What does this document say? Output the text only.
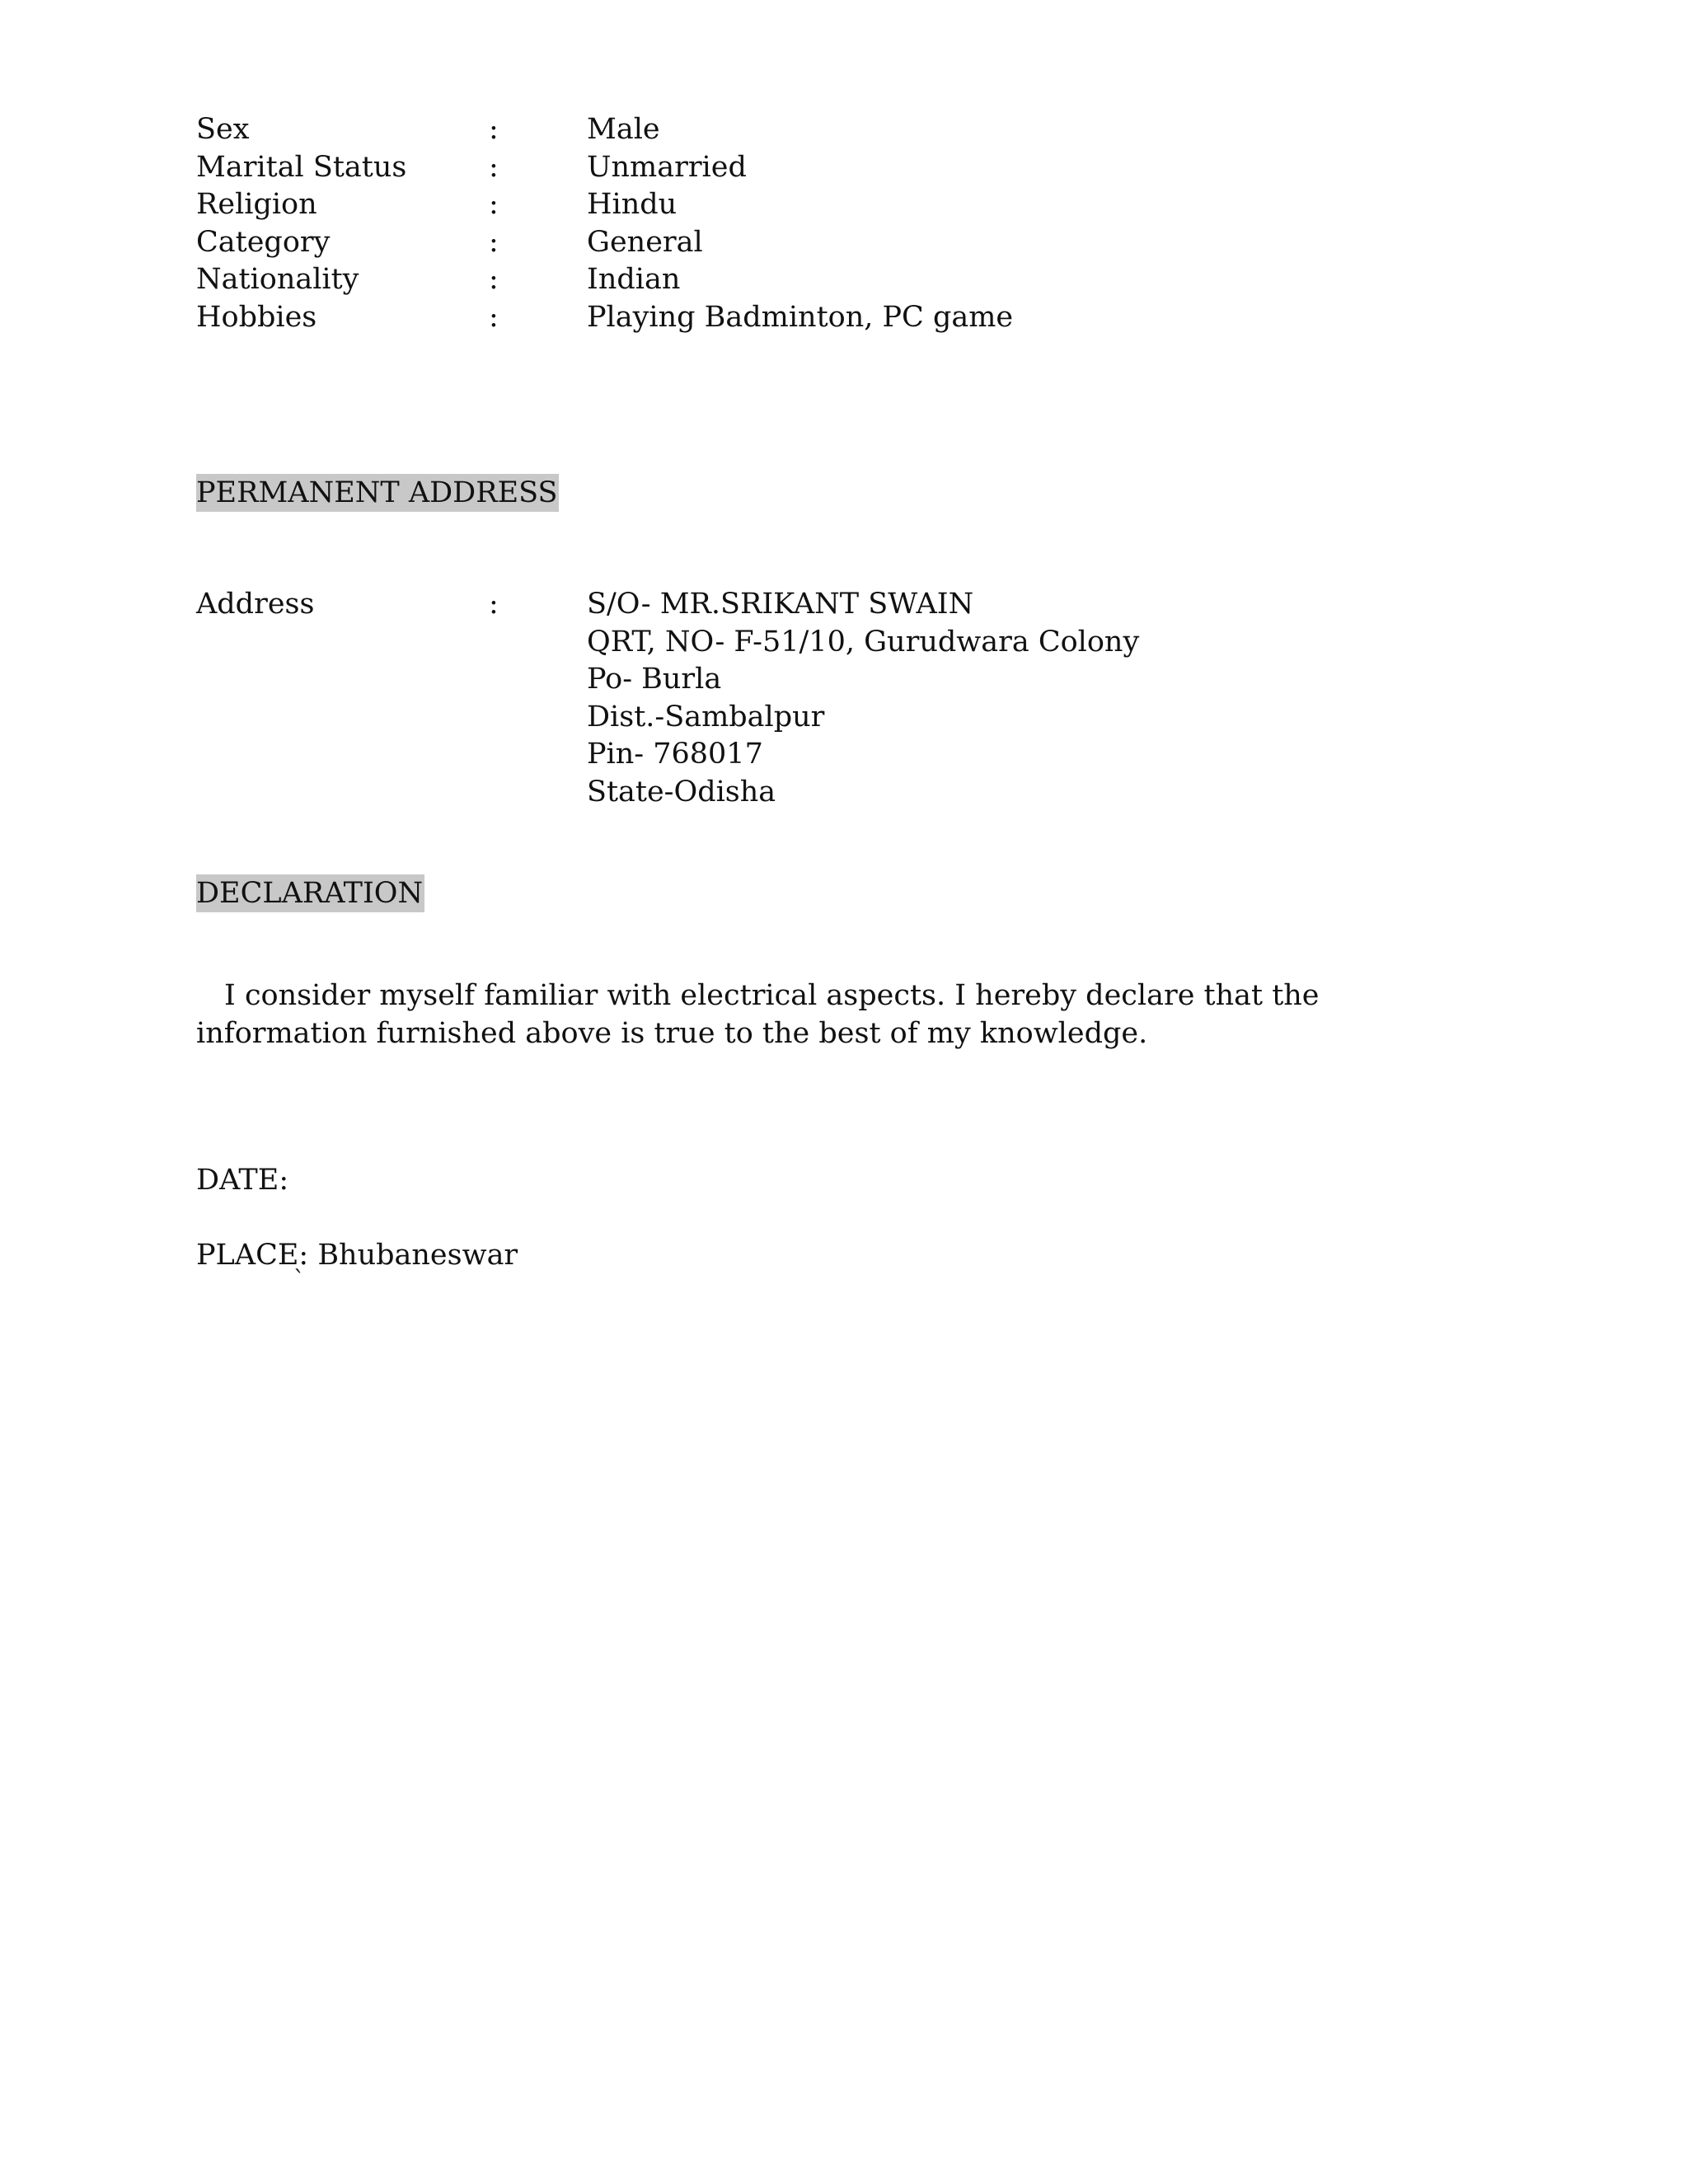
Sex	:	Male
Marital Status	:	Unmarried
Religion	:	Hindu
Category	:	General
Nationality	:	Indian
Hobbies	:	Playing Badminton, PC game
PERMANENT ADDRESS
Address	:	S/O- MR.SRIKANT SWAIN
QRT, NO- F-51/10, Gurudwara Colony
Po- Burla
Dist.-Sambalpur
Pin- 768017
State-Odisha
DECLARATION
I consider myself familiar with electrical aspects. I hereby declare that the information furnished above is true to the best of my knowledge.
DATE:
PLACE: Bhubaneswar
`
